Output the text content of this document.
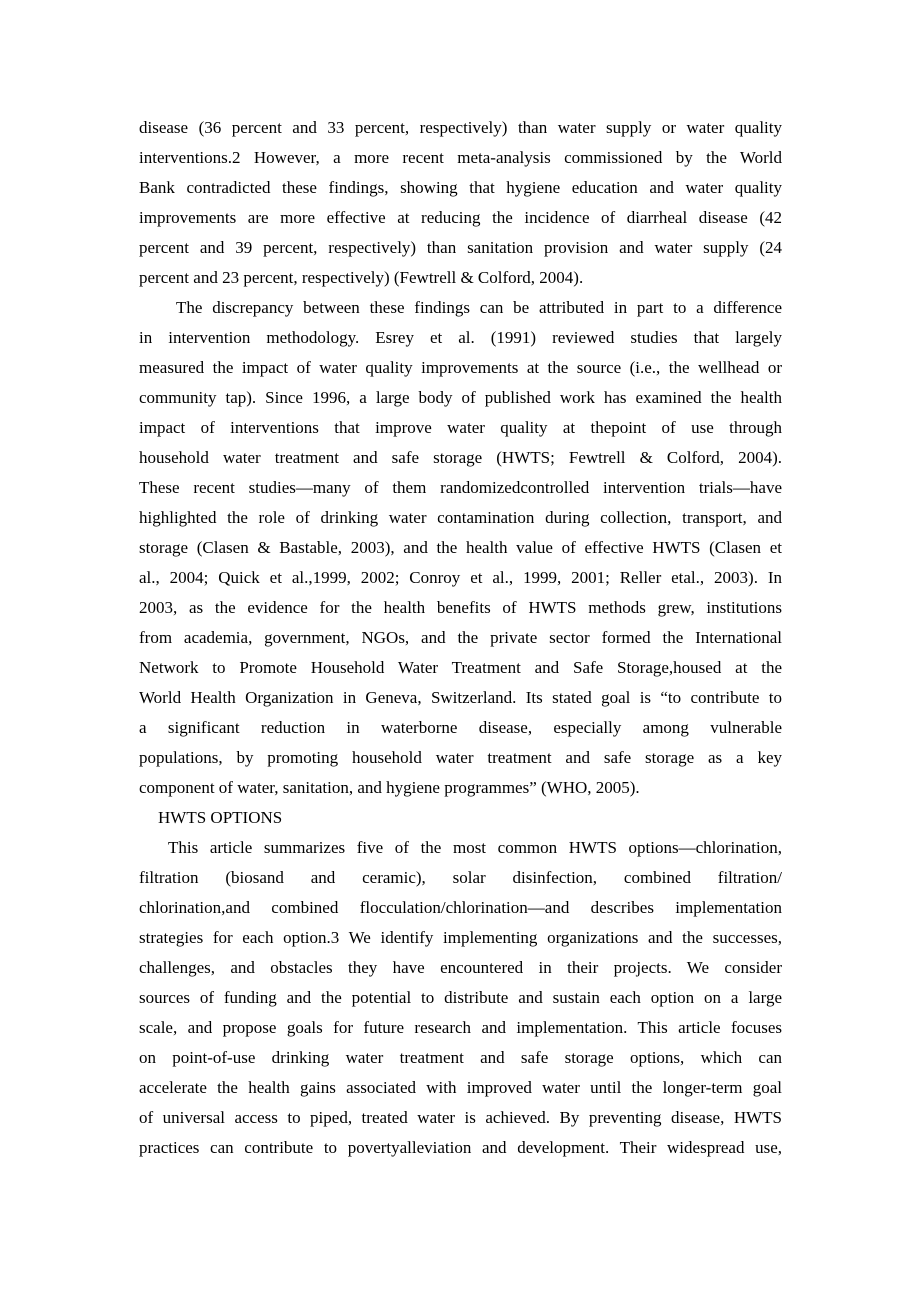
disease (36 percent and 33 percent, respectively) than water supply or water quality
interventions.2 However, a more recent meta-analysis commissioned by the World
Bank contradicted these findings, showing that hygiene education and water quality
improvements are more effective at reducing the incidence of diarrheal disease (42
percent and 39 percent, respectively) than sanitation provision and water supply (24
percent and 23 percent, respectively) (Fewtrell & Colford, 2004).
The discrepancy between these findings can be attributed in part to a difference
in intervention methodology. Esrey et al. (1991) reviewed studies that largely
measured the impact of water quality improvements at the source (i.e., the wellhead or
community tap). Since 1996, a large body of published work has examined the health
impact of interventions that improve water quality at thepoint of use through
household water treatment and safe storage (HWTS; Fewtrell & Colford, 2004).
These recent studies—many of them randomizedcontrolled intervention trials—have
highlighted the role of drinking water contamination during collection, transport, and
storage (Clasen & Bastable, 2003), and the health value of effective HWTS (Clasen et
al., 2004; Quick et al.,1999, 2002; Conroy et al., 1999, 2001; Reller etal., 2003). In
2003, as the evidence for the health benefits of HWTS methods grew, institutions
from academia, government, NGOs, and the private sector formed the International
Network to Promote Household Water Treatment and Safe Storage,housed at the
World Health Organization in Geneva, Switzerland. Its stated goal is “to contribute to
a significant reduction in waterborne disease, especially among vulnerable
populations, by promoting household water treatment and safe storage as a key
component of water, sanitation, and hygiene programmes” (WHO, 2005).
HWTS OPTIONS
This article summarizes five of the most common HWTS options—chlorination,
filtration (biosand and ceramic), solar disinfection, combined filtration/
chlorination,and combined flocculation/chlorination—and describes implementation
strategies for each option.3 We identify implementing organizations and the successes,
challenges, and obstacles they have encountered in their projects. We consider
sources of funding and the potential to distribute and sustain each option on a large
scale, and propose goals for future research and implementation. This article focuses
on point-of-use drinking water treatment and safe storage options, which can
accelerate the health gains associated with improved water until the longer-term goal
of universal access to piped, treated water is achieved. By preventing disease, HWTS
practices can contribute to povertyalleviation and development. Their widespread use,
